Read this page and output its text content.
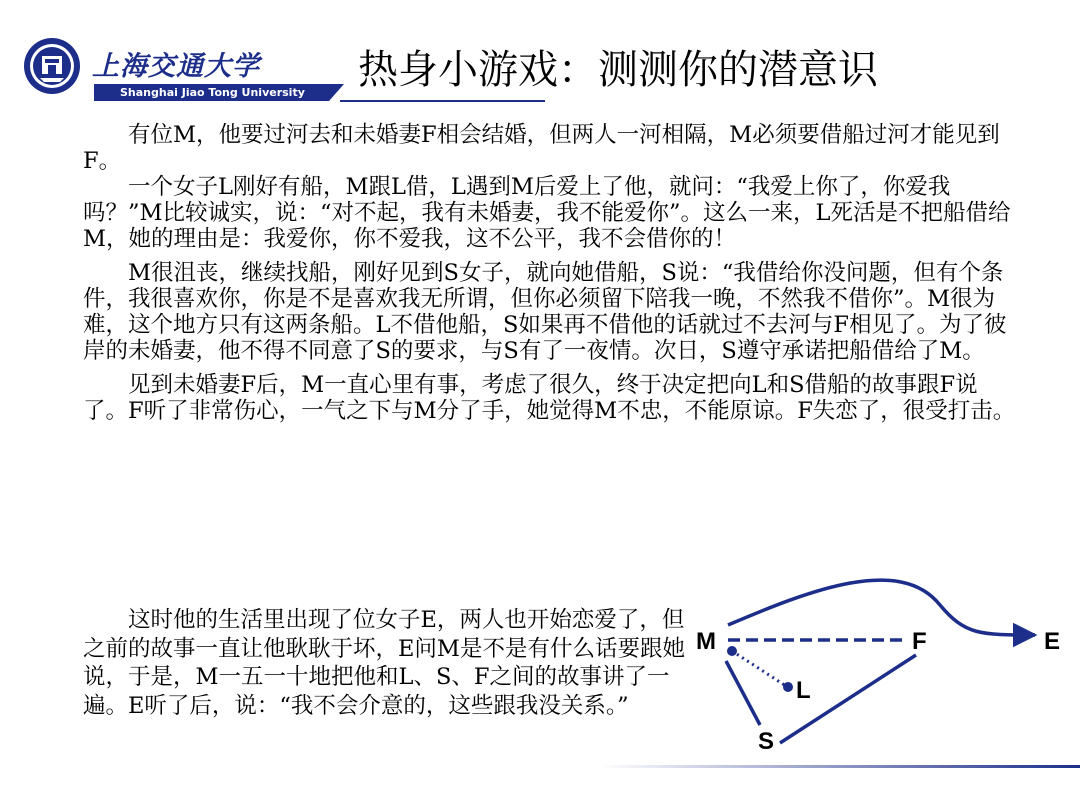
上海交通大学
Shanghai Jiao Tong University 热身小游戏：测测你的潜意识

有位M，他要过河去和未婚妻F相会结婚，但两人一河相隔，M必须要借船过河才能见到F。

一个女子L刚好有船，M跟L借，L遇到M后爱上了他，就问：“我爱上你了，你爱我吗？”M比较诚实，说：“对不起，我有未婚妻，我不能爱你”。这么一来，L死活是不把船借给M，她的理由是：我爱你，你不爱我，这不公平，我不会借你的！

M很沮丧，继续找船，刚好见到S女子，就向她借船，S说：“我借给你没问题，但有个条件，我很喜欢你，你是不是喜欢我无所谓，但你必须留下陪我一晚，不然我不借你”。M很为难，这个地方只有这两条船。L不借他船，S如果再不借他的话就过不去河与F相见了。为了彼岸的未婚妻，他不得不同意了S的要求，与S有了一夜情。次日，S遵守承诺把船借给了M。

见到未婚妻F后，M一直心里有事，考虑了很久，终于决定把向L和S借船的故事跟F说了。F听了非常伤心，一气之下与M分了手，她觉得M不忠，不能原谅。F失恋了，很受打击。

这时他的生活里出现了位女子E，两人也开始恋爱了，但之前的故事一直让他耿耿于坏，E问M是不是有什么话要跟她说，于是，M一五一十地把他和L、S、F之间的故事讲了一遍。E听了后，说：“我不会介意的，这些跟我没关系。”

M	F	E
L
S
